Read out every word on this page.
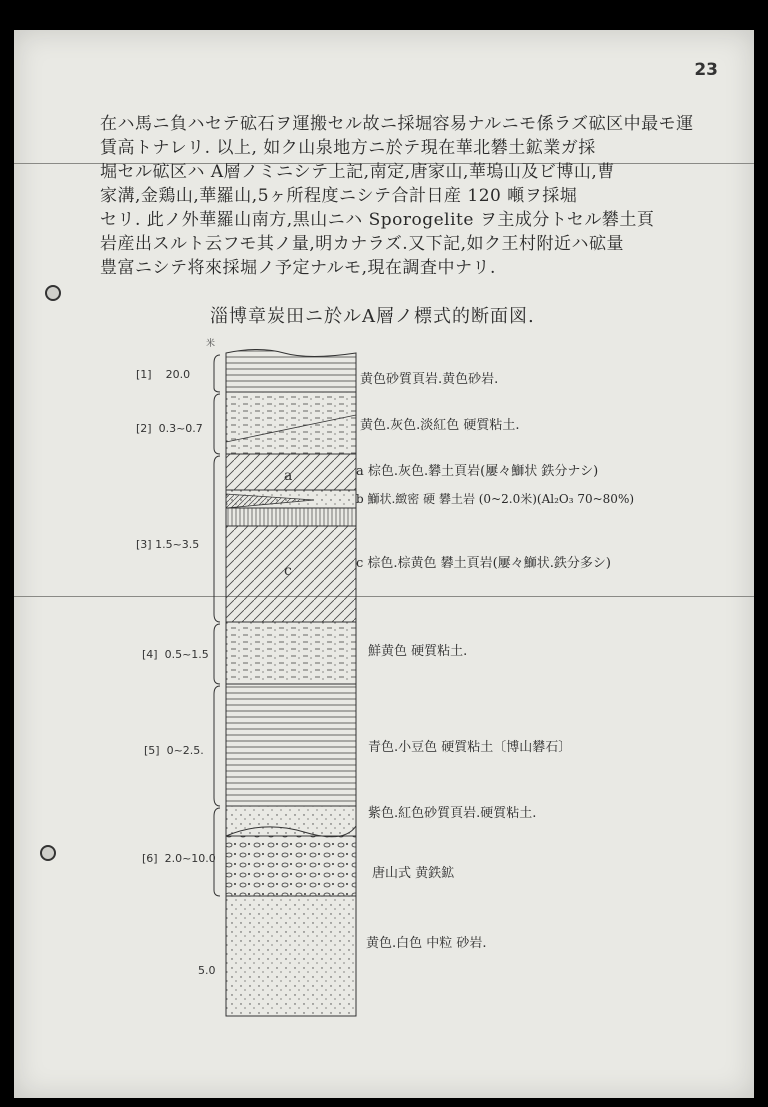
23
在ハ馬ニ負ハセテ砿石ヲ運搬セル故ニ採堀容易ナルニモ係ラズ砿区中最モ運
賃高トナレリ. 以上, 如ク山泉地方ニ於テ現在華北礬土鉱業ガ採
堀セル砿区ハ A層ノミニシテ上記,南定,唐家山,華塢山及ビ博山,曹
家溝,金鶏山,華羅山,5ヶ所程度ニシテ合計日産 120 噸ヲ採堀
セリ. 此ノ外華羅山南方,黒山ニハ Sporogelite ヲ主成分トセル礬土頁
岩産出スルト云フモ其ノ量,明カナラズ.又下記,如ク王村附近ハ砿量
豊富ニシテ将來採堀ノ予定ナルモ,現在調査中ナリ.
淄博章炭田ニ於ルA層ノ標式的断面図.
a
c
米
[1] 20.0
[2] 0.3~0.7
[3] 1.5~3.5
[4] 0.5~1.5
[5] 0~2.5.
[6] 2.0~10.0
5.0
黄色砂質頁岩.黄色砂岩.
黄色.灰色.淡紅色 硬質粘土.
a 棕色.灰色.礬土頁岩(屢々鰤状 鉄分ナシ)
b 鰤状.緻密 硬 礬土岩 (0~2.0米)(Al₂O₃ 70~80%)
c 棕色.棕黄色 礬土頁岩(屢々鰤状.鉄分多シ)
鮮黄色 硬質粘土.
青色.小豆色 硬質粘土〔博山礬石〕
紫色.紅色砂質頁岩.硬質粘土.
唐山式 黄鉄鉱
黄色.白色 中粒 砂岩.
